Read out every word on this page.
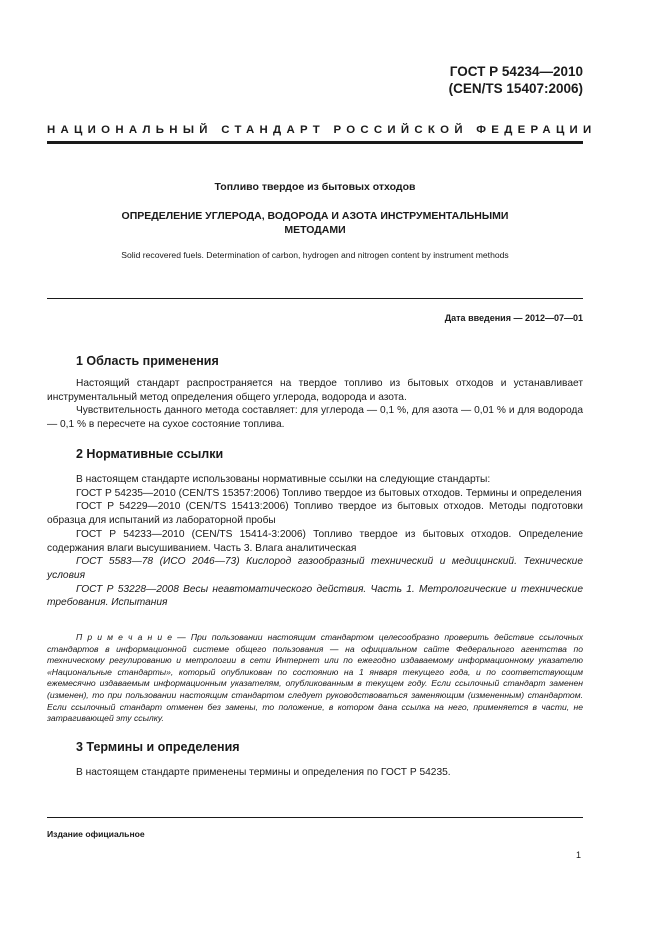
ГОСТ Р 54234—2010
(CEN/TS 15407:2006)
НАЦИОНАЛЬНЫЙ СТАНДАРТ РОССИЙСКОЙ ФЕДЕРАЦИИ
Топливо твердое из бытовых отходов
ОПРЕДЕЛЕНИЕ УГЛЕРОДА, ВОДОРОДА И АЗОТА ИНСТРУМЕНТАЛЬНЫМИ
МЕТОДАМИ
Solid recovered fuels. Determination of carbon, hydrogen and nitrogen content by instrument methods
Дата введения — 2012—07—01
1 Область применения

Настоящий стандарт распространяется на твердое топливо из бытовых отходов и устанавливает инструментальный метод определения общего углерода, водорода и азота.

Чувствительность данного метода составляет: для углерода — 0,1 %, для азота — 0,01 % и для водорода — 0,1 % в пересчете на сухое состояние топлива.

2 Нормативные ссылки

В настоящем стандарте использованы нормативные ссылки на следующие стандарты:

ГОСТ Р 54235—2010 (CEN/TS 15357:2006) Топливо твердое из бытовых отходов. Термины и определения

ГОСТ Р 54229—2010 (CEN/TS 15413:2006) Топливо твердое из бытовых отходов. Методы подготовки образца для испытаний из лабораторной пробы

ГОСТ Р 54233—2010 (CEN/TS 15414-3:2006) Топливо твердое из бытовых отходов. Определение содержания влаги высушиванием. Часть 3. Влага аналитическая

ГОСТ 5583—78 (ИСО 2046—73) Кислород газообразный технический и медицинский. Технические условия

ГОСТ Р 53228—2008 Весы неавтоматического действия. Часть 1. Метрологические и технические требования. Испытания

П р и м е ч а н и е — При пользовании настоящим стандартом целесообразно проверить действие ссылочных стандартов в информационной системе общего пользования — на официальном сайте Федерального агентства по техническому регулированию и метрологии в сети Интернет или по ежегодно издаваемому информационному указателю «Национальные стандарты», который опубликован по состоянию на 1 января текущего года, и по соответствующим ежемесячно издаваемым информационным указателям, опубликованным в текущем году. Если ссылочный стандарт заменен (изменен), то при пользовании настоящим стандартом следует руководствоваться заменяющим (измененным) стандартом. Если ссылочный стандарт отменен без замены, то положение, в котором дана ссылка на него, применяется в части, не затрагивающей эту ссылку.

3 Термины и определения

В настоящем стандарте применены термины и определения по ГОСТ Р 54235.

Издание официальное
1
